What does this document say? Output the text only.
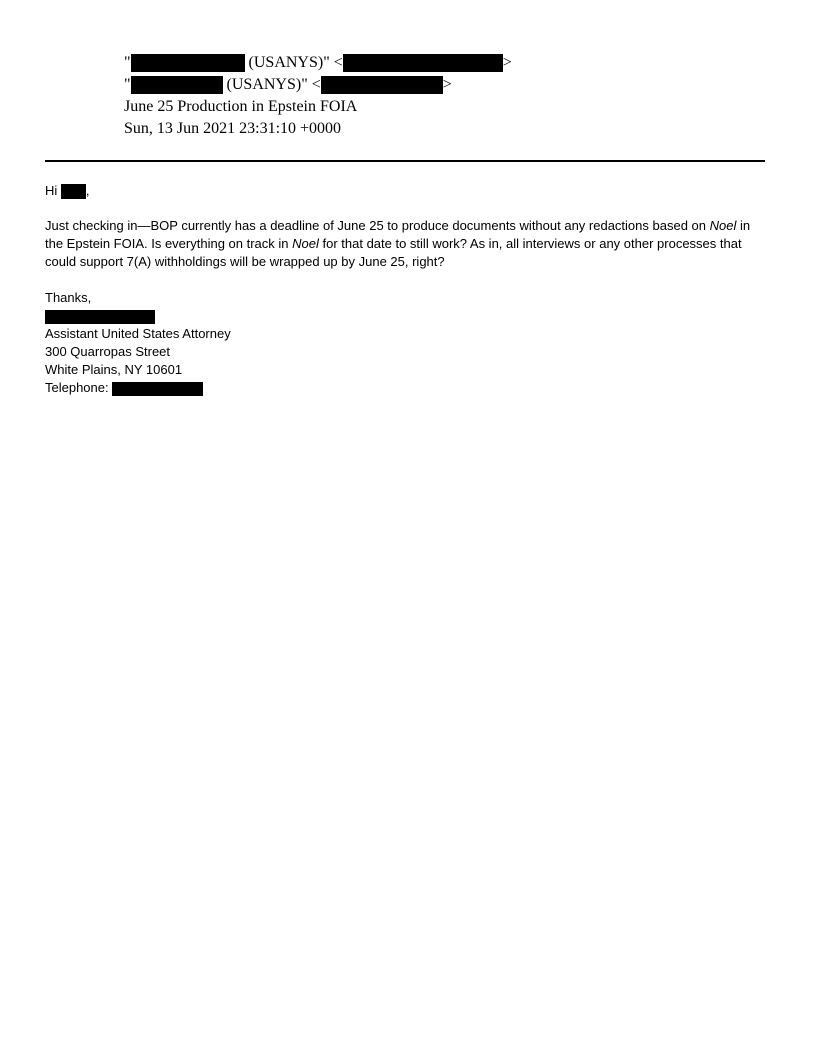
"	(USANYS)" <	>
"	(USANYS)" <	>
June 25 Production in Epstein FOIA
Sun, 13 Jun 2021 23:31:10 +0000
Hi ,

Just checking in—BOP currently has a deadline of June 25 to produce documents without any redactions based on Noel in the Epstein FOIA. Is everything on track in Noel for that date to still work? As in, all interviews or any other processes that could support 7(A) withholdings will be wrapped up by June 25, right?

Thanks,
Assistant United States Attorney
300 Quarropas Street
White Plains, NY 10601
Telephone:
